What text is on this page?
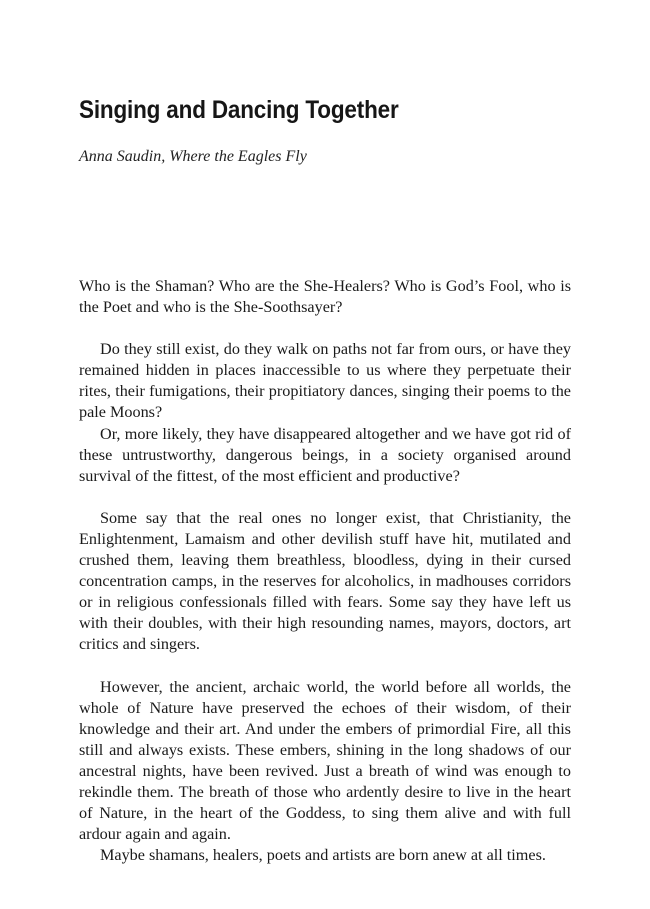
Singing and Dancing Together

Anna Saudin, Where the Eagles Fly

Who is the Shaman? Who are the She-Healers? Who is God’s Fool, who is the Poet and who is the She-Soothsayer?

Do they still exist, do they walk on paths not far from ours, or have they remained hidden in places inaccessible to us where they perpetuate their rites, their fumigations, their propitiatory dances, singing their poems to the pale Moons?

Or, more likely, they have disappeared altogether and we have got rid of these untrustworthy, dangerous beings, in a society organised around survival of the fittest, of the most efficient and productive?

Some say that the real ones no longer exist, that Christianity, the Enlightenment, Lamaism and other devilish stuff have hit, mutilated and crushed them, leaving them breathless, bloodless, dying in their cursed concentration camps, in the reserves for alcoholics, in madhouses corridors or in religious confessionals filled with fears. Some say they have left us with their doubles, with their high resounding names, mayors, doctors, art critics and singers.

However, the ancient, archaic world, the world before all worlds, the whole of Nature have preserved the echoes of their wisdom, of their knowledge and their art. And under the embers of primordial Fire, all this still and always exists. These embers, shining in the long shadows of our ancestral nights, have been revived. Just a breath of wind was enough to rekindle them. The breath of those who ardently desire to live in the heart of Nature, in the heart of the Goddess, to sing them alive and with full ardour again and again.

Maybe shamans, healers, poets and artists are born anew at all times.
